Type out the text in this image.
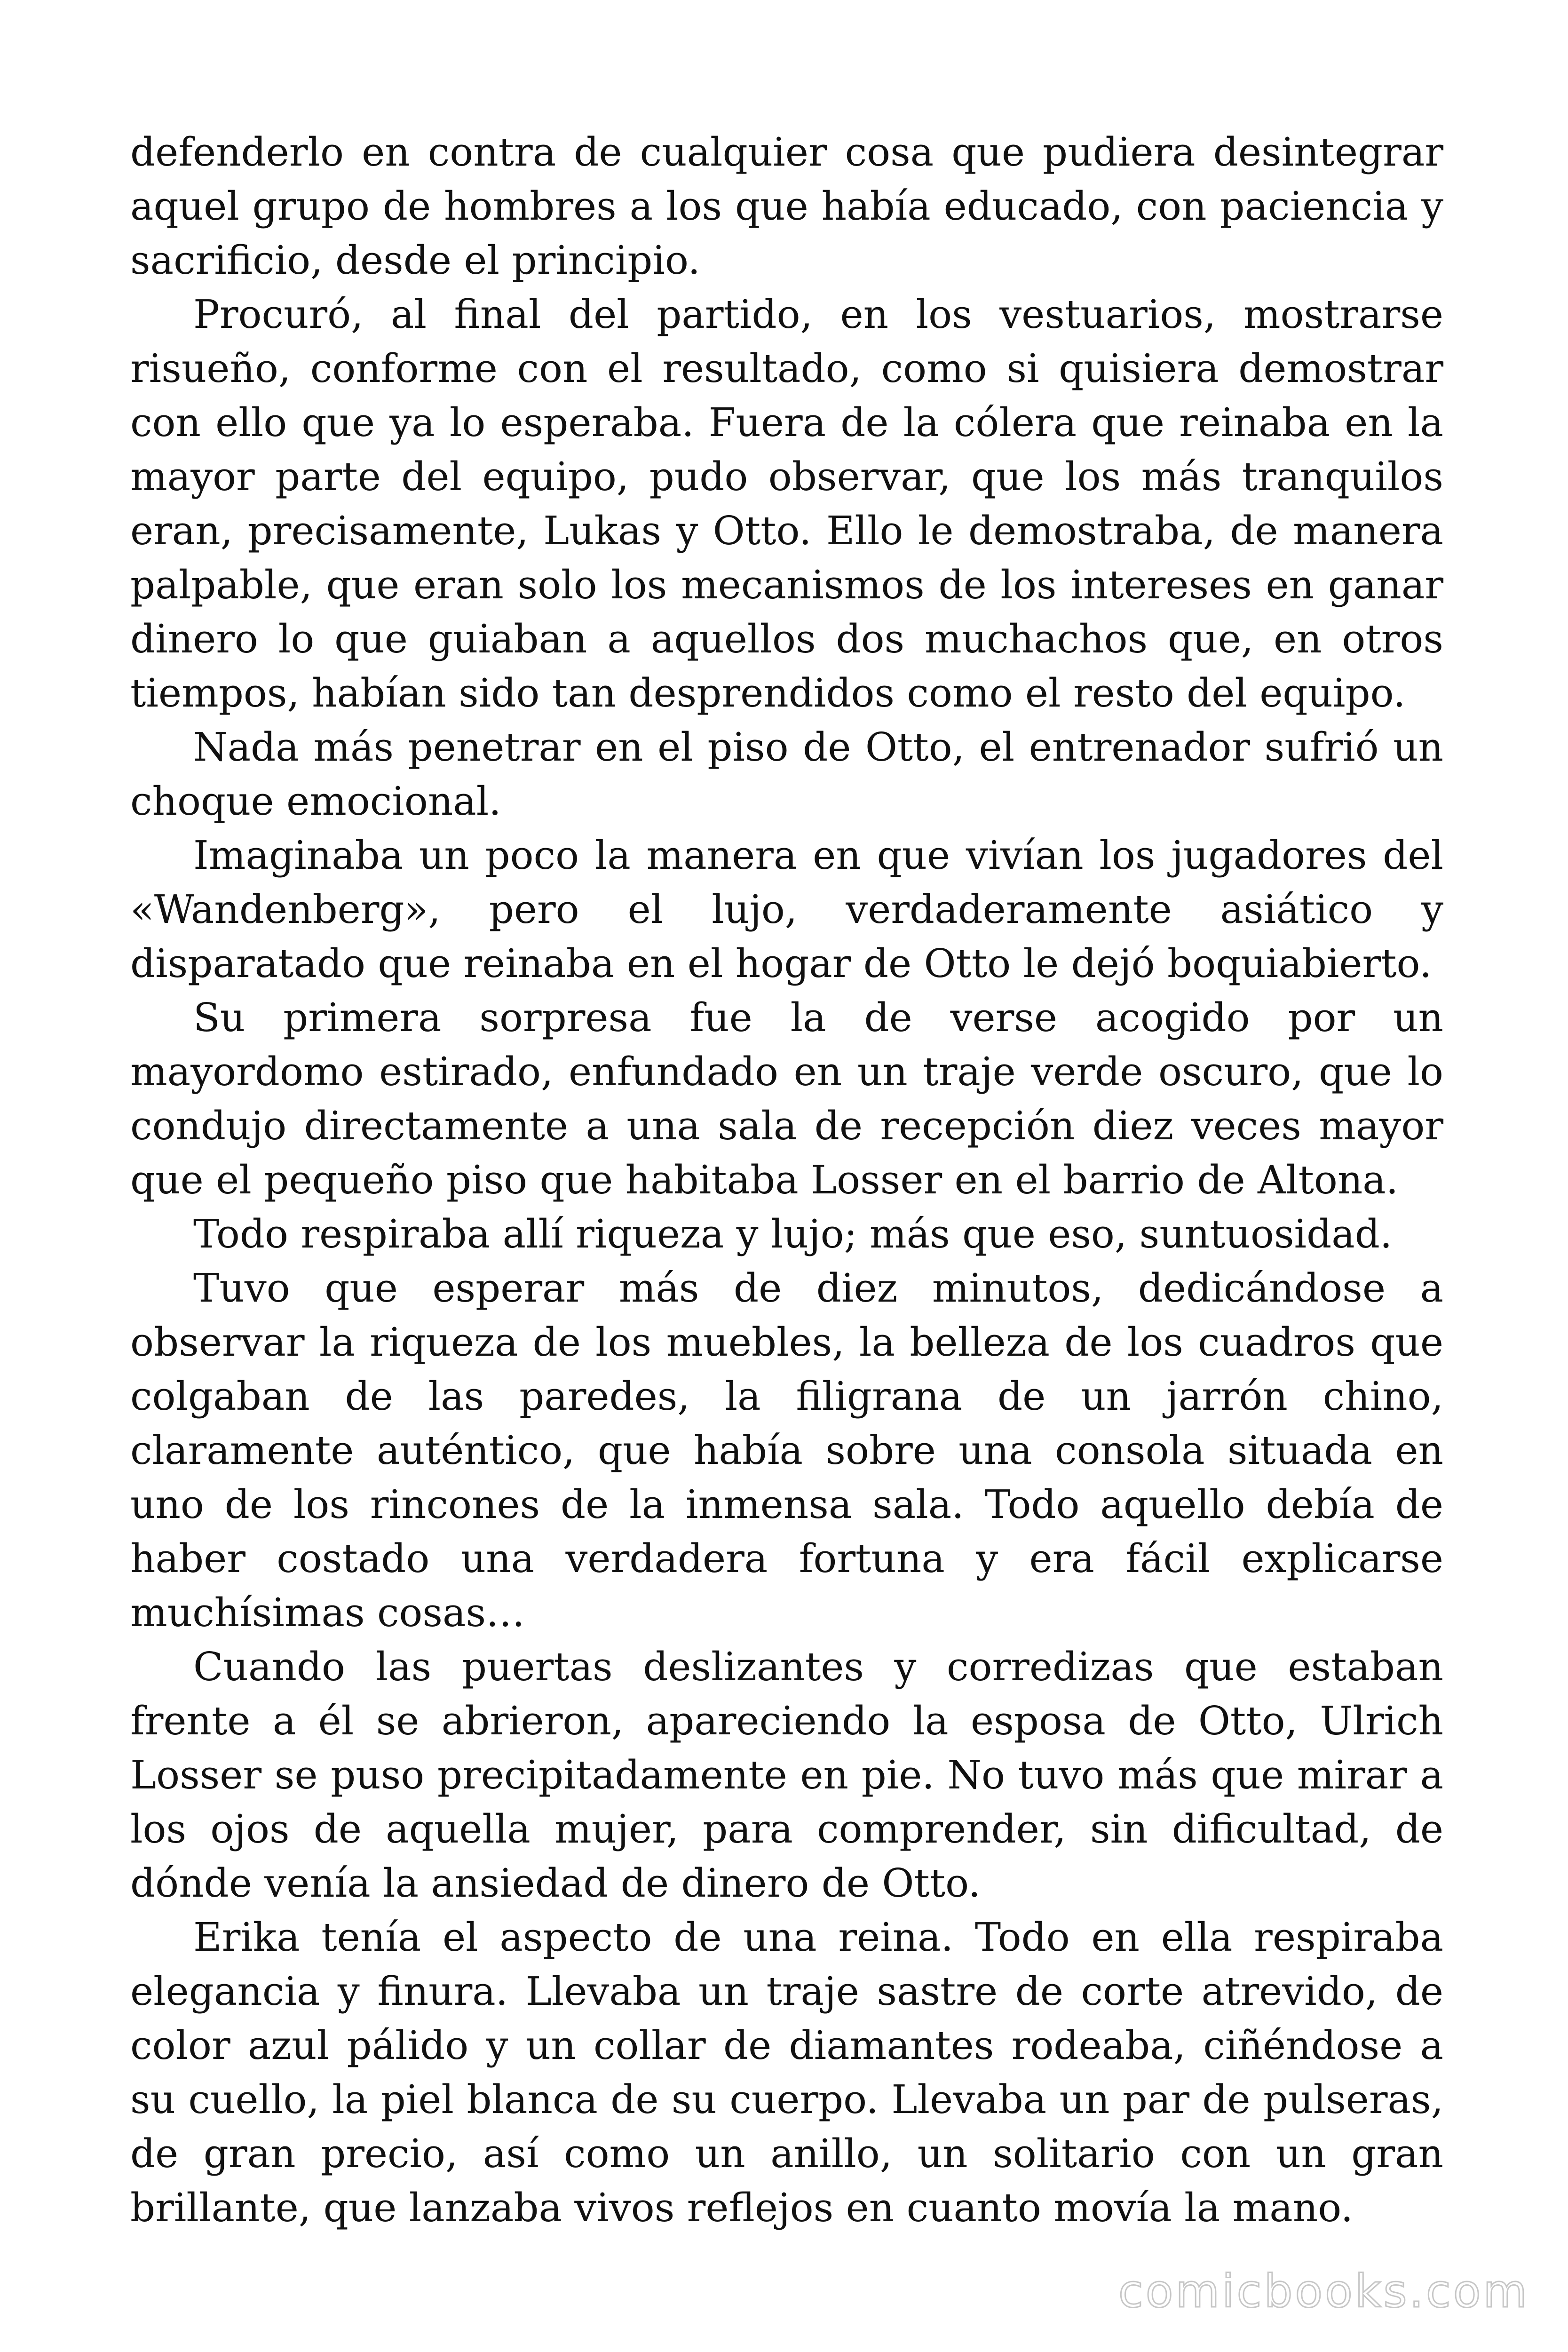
defenderlo en contra de cualquier cosa que pudiera desintegrar aquel grupo de hombres a los que había educado, con paciencia y sacrificio, desde el principio.

Procuró, al final del partido, en los vestuarios, mostrarse risueño, conforme con el resultado, como si quisiera demostrar con ello que ya lo esperaba. Fuera de la cólera que reinaba en la mayor parte del equipo, pudo observar, que los más tranquilos eran, precisamente, Lukas y Otto. Ello le demostraba, de manera palpable, que eran solo los mecanismos de los intereses en ganar dinero lo que guiaban a aquellos dos muchachos que, en otros tiempos, habían sido tan desprendidos como el resto del equipo.

Nada más penetrar en el piso de Otto, el entrenador sufrió un choque emocional.

Imaginaba un poco la manera en que vivían los jugadores del «Wandenberg», pero el lujo, verdaderamente asiático y disparatado que reinaba en el hogar de Otto le dejó boquiabierto.

Su primera sorpresa fue la de verse acogido por un mayordomo estirado, enfundado en un traje verde oscuro, que lo condujo directamente a una sala de recepción diez veces mayor que el pequeño piso que habitaba Losser en el barrio de Altona.

Todo respiraba allí riqueza y lujo; más que eso, suntuosidad.

Tuvo que esperar más de diez minutos, dedicándose a observar la riqueza de los muebles, la belleza de los cuadros que colgaban de las paredes, la filigrana de un jarrón chino, claramente auténtico, que había sobre una consola situada en uno de los rincones de la inmensa sala. Todo aquello debía de haber costado una verdadera fortuna y era fácil explicarse muchísimas cosas…

Cuando las puertas deslizantes y corredizas que estaban frente a él se abrieron, apareciendo la esposa de Otto, Ulrich Losser se puso precipitadamente en pie. No tuvo más que mirar a los ojos de aquella mujer, para comprender, sin dificultad, de dónde venía la ansiedad de dinero de Otto.

Erika tenía el aspecto de una reina. Todo en ella respiraba elegancia y finura. Llevaba un traje sastre de corte atrevido, de color azul pálido y un collar de diamantes rodeaba, ciñéndose a su cuello, la piel blanca de su cuerpo. Llevaba un par de pulseras, de gran precio, así como un anillo, un solitario con un gran brillante, que lanzaba vivos reflejos en cuanto movía la mano.

comicbooks.com
